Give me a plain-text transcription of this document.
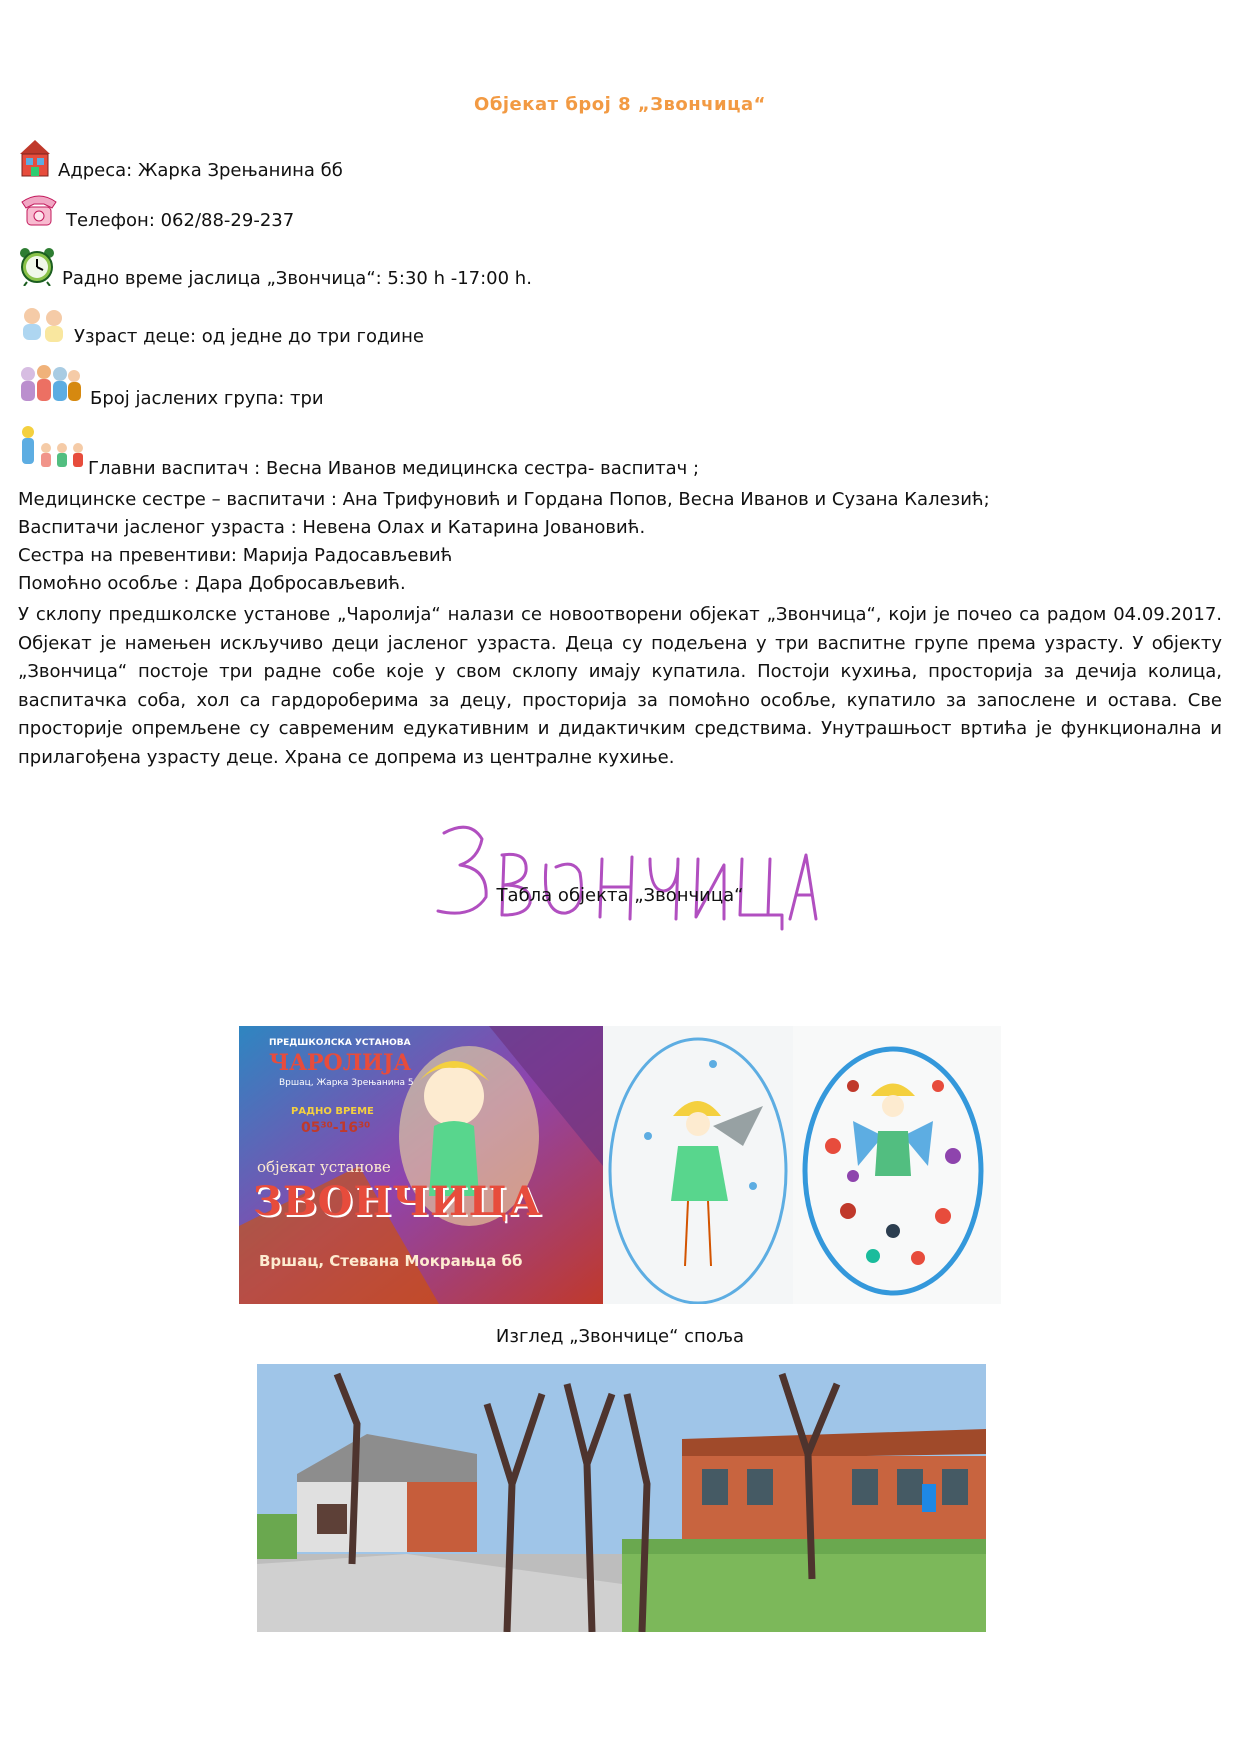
Објекат број 8 „Звончица“
Адреса: Жарка Зрењанина бб
Телефон: 062/88-29-237
Радно време јаслица „Звончица“: 5:30 h -17:00 h.
Узраст деце: од једне до три године
Број јаслених група: три
Главни васпитач : Весна Иванов медицинска сестра- васпитач ;
Медицинске сестре – васпитачи : Ана Трифуновић и Гордана Попов, Весна Иванов и Сузана Калезић;
Васпитачи јасленог узраста : Невена Олах и Катарина Јовановић.
Сестра на превентиви: Марија Радосављевић
Помоћно особље : Дара Добросављевић.
У склопу предшколске установе „Чаролија“ налази се новоотворени објекат „Звончица“, који је почео са радом 04.09.2017. Објекат је намењен искључиво деци јасленог узраста. Деца су подељена у три васпитне групе према узрасту. У објекту „Звончица“ постоје три радне собе које у свом склопу имају купатила. Постоји кухиња, просторија за дечија колица, васпитачка соба, хол са гардороберима за децу, просторија за помоћно особље, купатило за запослене и остава. Све просторије опремљене су савременим едукативним и дидактичким средствима. Унутрашњост вртића је функционална и прилагођена узрасту деце. Храна се допрема из централне кухиње.
Табла објекта „Звончица“
ПРЕДШКОЛСКА УСТАНОВА
ЧАРОЛИЈА
Вршац, Жарка Зрењанина 5
РАДНО ВРЕМЕ
05³⁰-16³⁰
објекат установе
ЗВОНЧИЦА
Вршац, Стевана Мокрањца бб
Изглед „Звончице“ споља
